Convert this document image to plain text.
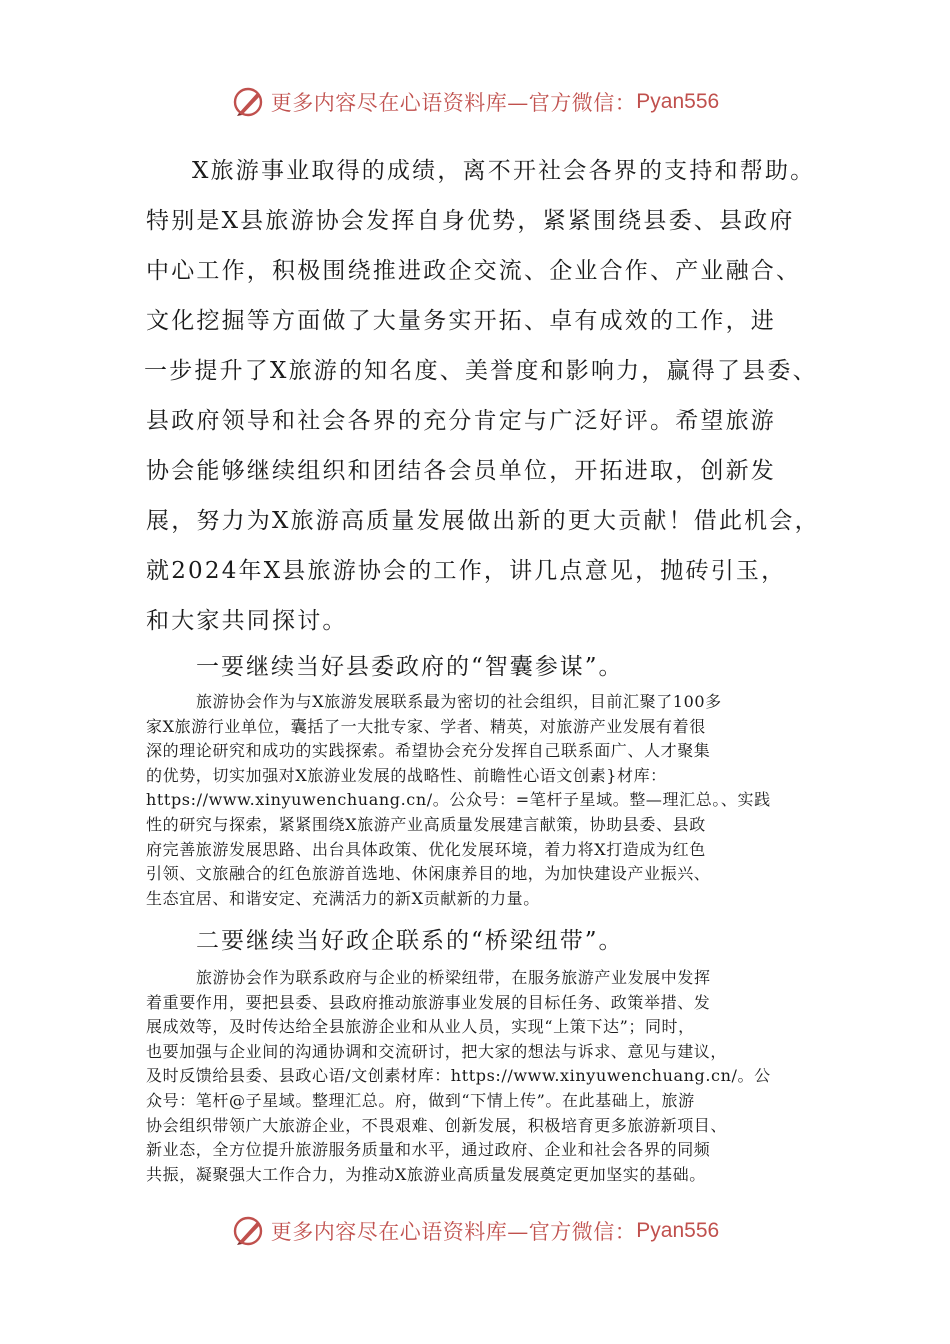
更多内容尽在心语资料库—官方微信： Pyan556
X旅游事业取得的成绩，离不开社会各界的支持和帮助。
特别是X县旅游协会发挥自身优势，紧紧围绕县委、县政府
中心工作，积极围绕推进政企交流、企业合作、产业融合、
文化挖掘等方面做了大量务实开拓、卓有成效的工作，进
一步提升了X旅游的知名度、美誉度和影响力，赢得了县委、
县政府领导和社会各界的充分肯定与广泛好评。希望旅游
协会能够继续组织和团结各会员单位，开拓进取，创新发
展，努力为X旅游高质量发展做出新的更大贡献！借此机会，
就2024年X县旅游协会的工作，讲几点意见，抛砖引玉，
和大家共同探讨。
一要继续当好县委政府的“智囊参谋”。
旅游协会作为与X旅游发展联系最为密切的社会组织，目前汇聚了100多
家X旅游行业单位，囊括了一大批专家、学者、精英，对旅游产业发展有着很
深的理论研究和成功的实践探索。希望协会充分发挥自己联系面广、人才聚集
的优势，切实加强对X旅游业发展的战略性、前瞻性心语文创素}材库：
https://www.xinyuwenchuang.cn/。公众号：=笔杆子星域。整—理汇总。、实践
性的研究与探索，紧紧围绕X旅游产业高质量发展建言献策，协助县委、县政
府完善旅游发展思路、出台具体政策、优化发展环境，着力将X打造成为红色
引领、文旅融合的红色旅游首选地、休闲康养目的地，为加快建设产业振兴、
生态宜居、和谐安定、充满活力的新X贡献新的力量。
二要继续当好政企联系的“桥梁纽带”。
旅游协会作为联系政府与企业的桥梁纽带，在服务旅游产业发展中发挥
着重要作用，要把县委、县政府推动旅游事业发展的目标任务、政策举措、发
展成效等，及时传达给全县旅游企业和从业人员，实现“上策下达”；同时，
也要加强与企业间的沟通协调和交流研讨，把大家的想法与诉求、意见与建议，
及时反馈给县委、县政心语/文创素材库：https://www.xinyuwenchuang.cn/。公
众号：笔杆@子星域。整理汇总。府，做到“下情上传”。在此基础上，旅游
协会组织带领广大旅游企业，不畏艰难、创新发展，积极培育更多旅游新项目、
新业态，全方位提升旅游服务质量和水平，通过政府、企业和社会各界的同频
共振，凝聚强大工作合力，为推动X旅游业高质量发展奠定更加坚实的基础。
更多内容尽在心语资料库—官方微信： Pyan556
